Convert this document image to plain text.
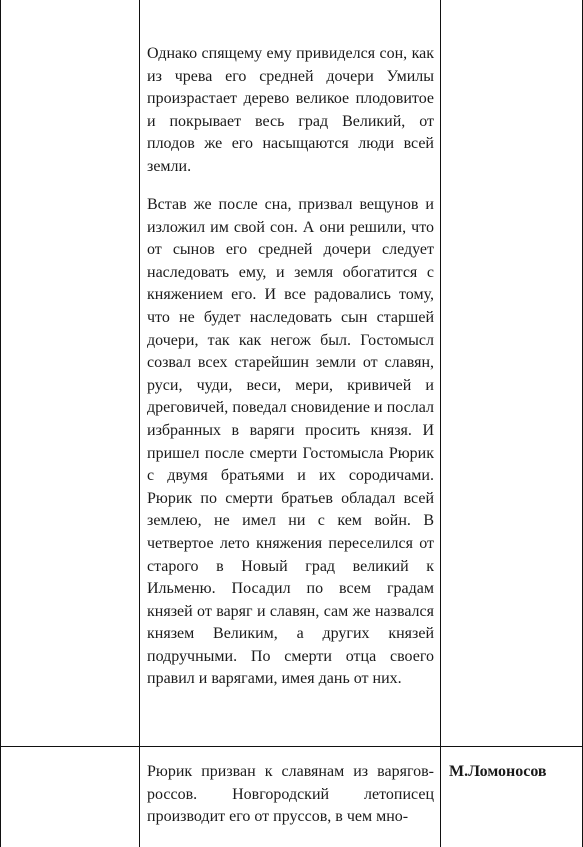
Однако спящему ему привиделся сон, как из чрева его средней дочери Умилы произрастает дерево великое плодовитое и покрывает весь град Великий, от плодов же его насыщаются люди всей земли.

Встав же после сна, призвал вещунов и изложил им свой сон. А они решили, что от сынов его средней дочери следует наследовать ему, и земля обогатится с княжением его. И все радовались тому, что не будет наследовать сын старшей дочери, так как негож был. Гостомысл созвал всех старейшин земли от славян, руси, чуди, веси, мери, кривичей и дреговичей, поведал сновидение и послал избранных в варяги просить князя. И пришел после смерти Гостомысла Рюрик с двумя братьями и их сородичами. Рюрик по смерти братьев обладал всей землею, не имел ни с кем войн. В четвертое лето княжения переселился от старого в Новый град великий к Ильменю. Посадил по всем градам князей от варяг и славян, сам же назвался князем Великим, а других князей подручными. По смерти отца своего правил и варягами, имея дань от них.

Рюрик призван к славянам из варягов-россов. Новгородский летописец производит его от пруссов, в чем мно-

М.Ломоносов
